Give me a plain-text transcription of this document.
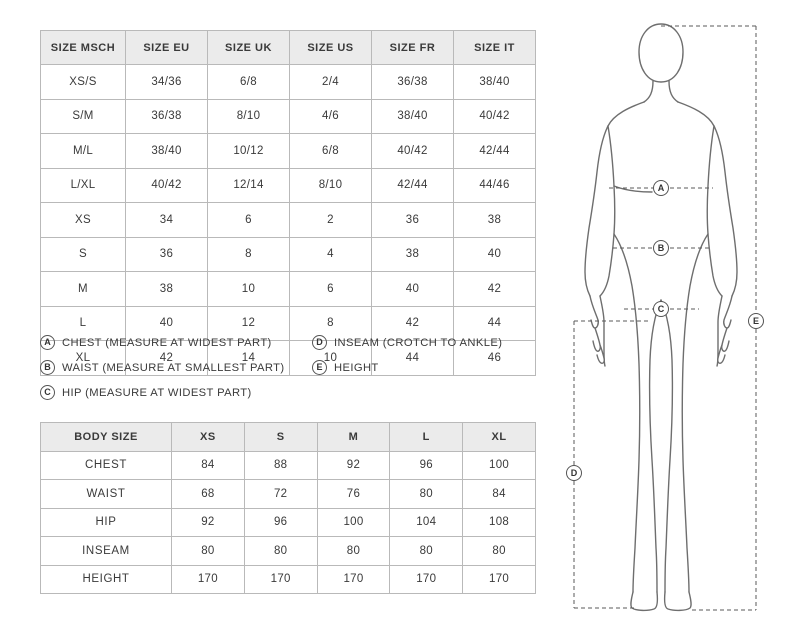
SIZE MSCH	SIZE EU	SIZE UK	SIZE US	SIZE FR	SIZE IT
XS/S	34/36	6/8	2/4	36/38	38/40
S/M	36/38	8/10	4/6	38/40	40/42
M/L	38/40	10/12	6/8	40/42	42/44
L/XL	40/42	12/14	8/10	42/44	44/46
XS	34	6	2	36	38
S	36	8	4	38	40
M	38	10	6	40	42
L	40	12	8	42	44
XL	42	14	10	44	46
A	CHEST (MEASURE AT WIDEST PART)
B	WAIST (MEASURE AT SMALLEST PART)
C	HIP (MEASURE AT WIDEST PART)
D	INSEAM (CROTCH TO ANKLE)
E	HEIGHT
BODY SIZE	XS	S	M	L	XL
CHEST	84	88	92	96	100
WAIST	68	72	76	80	84
HIP	92	96	100	104	108
INSEAM	80	80	80	80	80
HEIGHT	170	170	170	170	170
A
B
C
D
E
